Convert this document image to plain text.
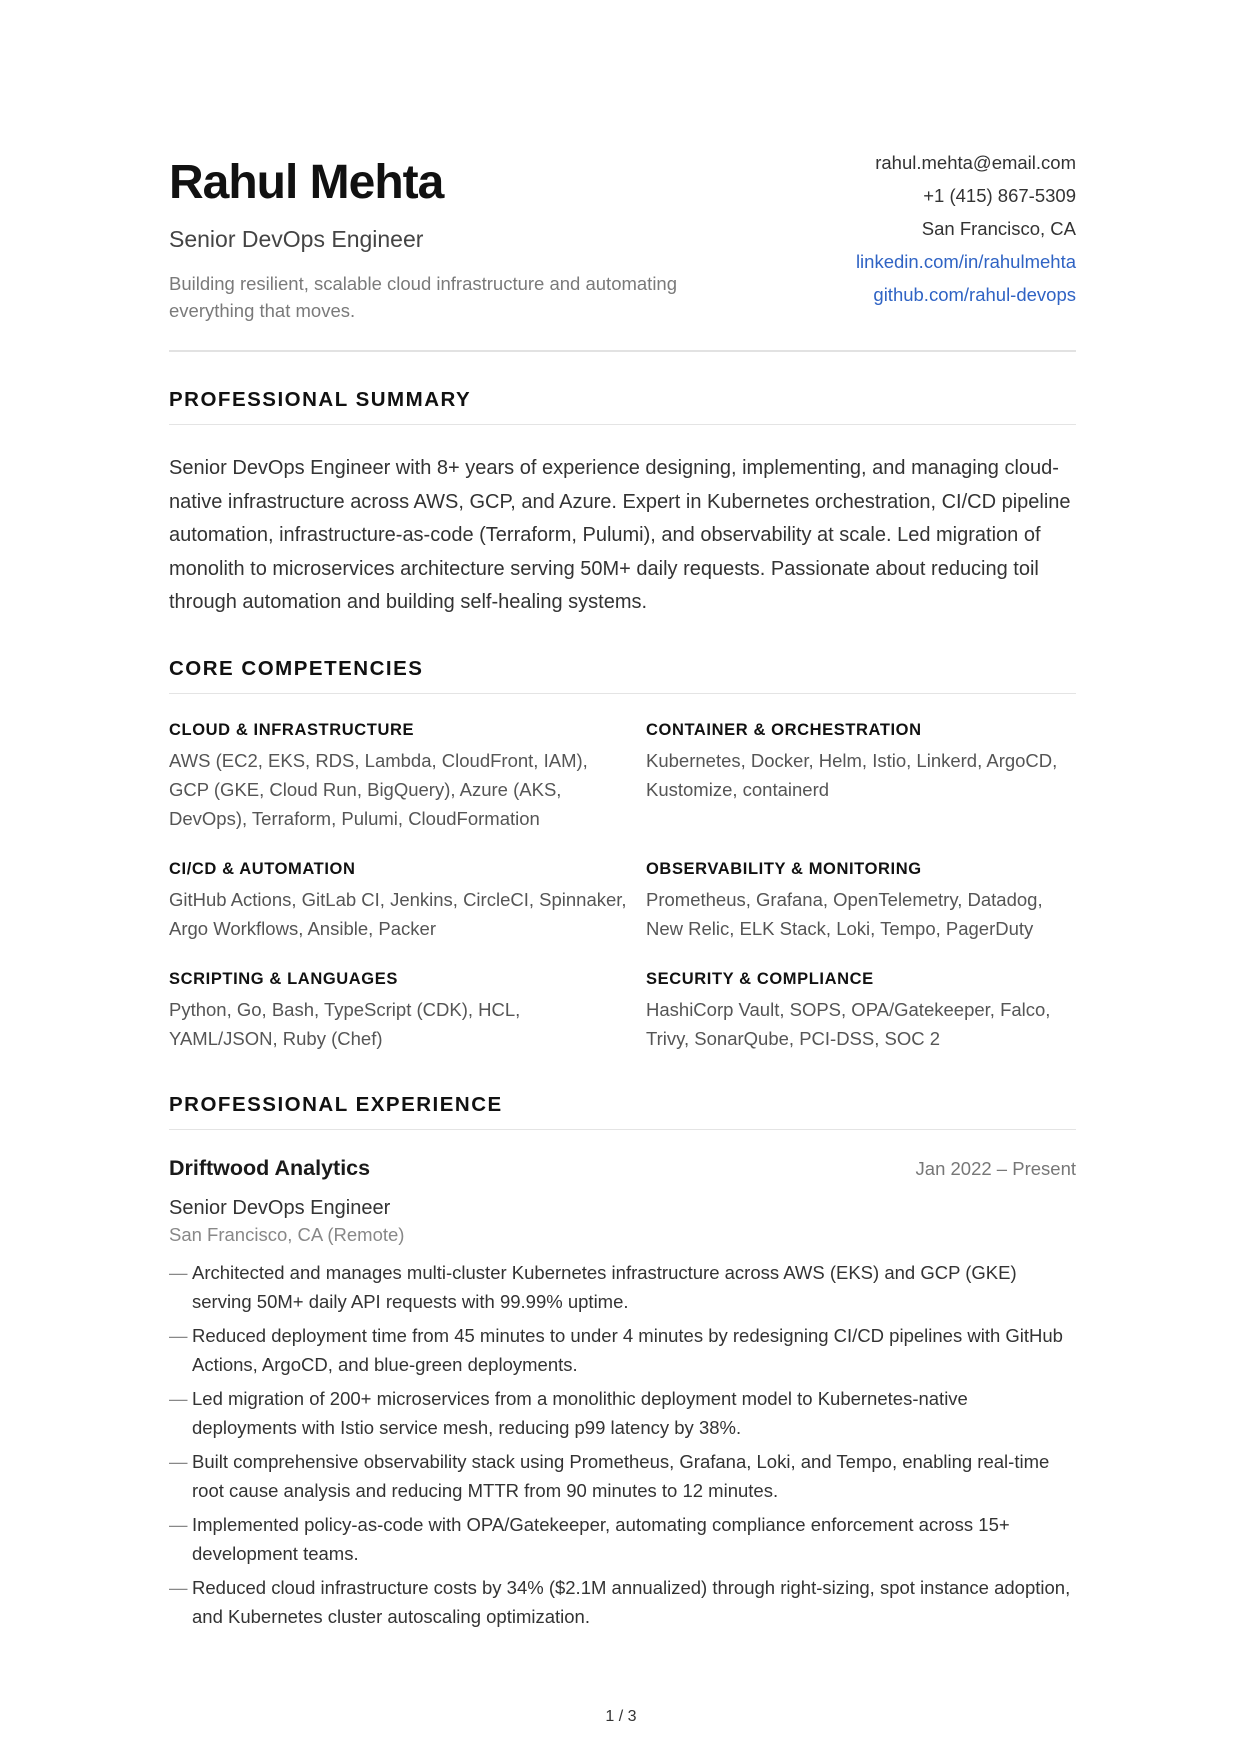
Rahul Mehta
Senior DevOps Engineer
Building resilient, scalable cloud infrastructure and automating everything that moves.
rahul.mehta@email.com
+1 (415) 867-5309
San Francisco, CA
linkedin.com/in/rahulmehta
github.com/rahul-devops
PROFESSIONAL SUMMARY
Senior DevOps Engineer with 8+ years of experience designing, implementing, and managing cloud-native infrastructure across AWS, GCP, and Azure. Expert in Kubernetes orchestration, CI/CD pipeline automation, infrastructure-as-code (Terraform, Pulumi), and observability at scale. Led migration of monolith to microservices architecture serving 50M+ daily requests. Passionate about reducing toil through automation and building self-healing systems.
CORE COMPETENCIES
CLOUD & INFRASTRUCTURE
AWS (EC2, EKS, RDS, Lambda, CloudFront, IAM), GCP (GKE, Cloud Run, BigQuery), Azure (AKS, DevOps), Terraform, Pulumi, CloudFormation
CONTAINER & ORCHESTRATION
Kubernetes, Docker, Helm, Istio, Linkerd, ArgoCD, Kustomize, containerd
CI/CD & AUTOMATION
GitHub Actions, GitLab CI, Jenkins, CircleCI, Spinnaker, Argo Workflows, Ansible, Packer
OBSERVABILITY & MONITORING
Prometheus, Grafana, OpenTelemetry, Datadog, New Relic, ELK Stack, Loki, Tempo, PagerDuty
SCRIPTING & LANGUAGES
Python, Go, Bash, TypeScript (CDK), HCL, YAML/JSON, Ruby (Chef)
SECURITY & COMPLIANCE
HashiCorp Vault, SOPS, OPA/Gatekeeper, Falco, Trivy, SonarQube, PCI-DSS, SOC 2
PROFESSIONAL EXPERIENCE
Driftwood Analytics	Jan 2022 – Present
Senior DevOps Engineer
San Francisco, CA (Remote)
— Architected and manages multi-cluster Kubernetes infrastructure across AWS (EKS) and GCP (GKE) serving 50M+ daily API requests with 99.99% uptime.
— Reduced deployment time from 45 minutes to under 4 minutes by redesigning CI/CD pipelines with GitHub Actions, ArgoCD, and blue-green deployments.
— Led migration of 200+ microservices from a monolithic deployment model to Kubernetes-native deployments with Istio service mesh, reducing p99 latency by 38%.
— Built comprehensive observability stack using Prometheus, Grafana, Loki, and Tempo, enabling real-time root cause analysis and reducing MTTR from 90 minutes to 12 minutes.
— Implemented policy-as-code with OPA/Gatekeeper, automating compliance enforcement across 15+ development teams.
— Reduced cloud infrastructure costs by 34% ($2.1M annualized) through right-sizing, spot instance adoption, and Kubernetes cluster autoscaling optimization.
1 / 3
